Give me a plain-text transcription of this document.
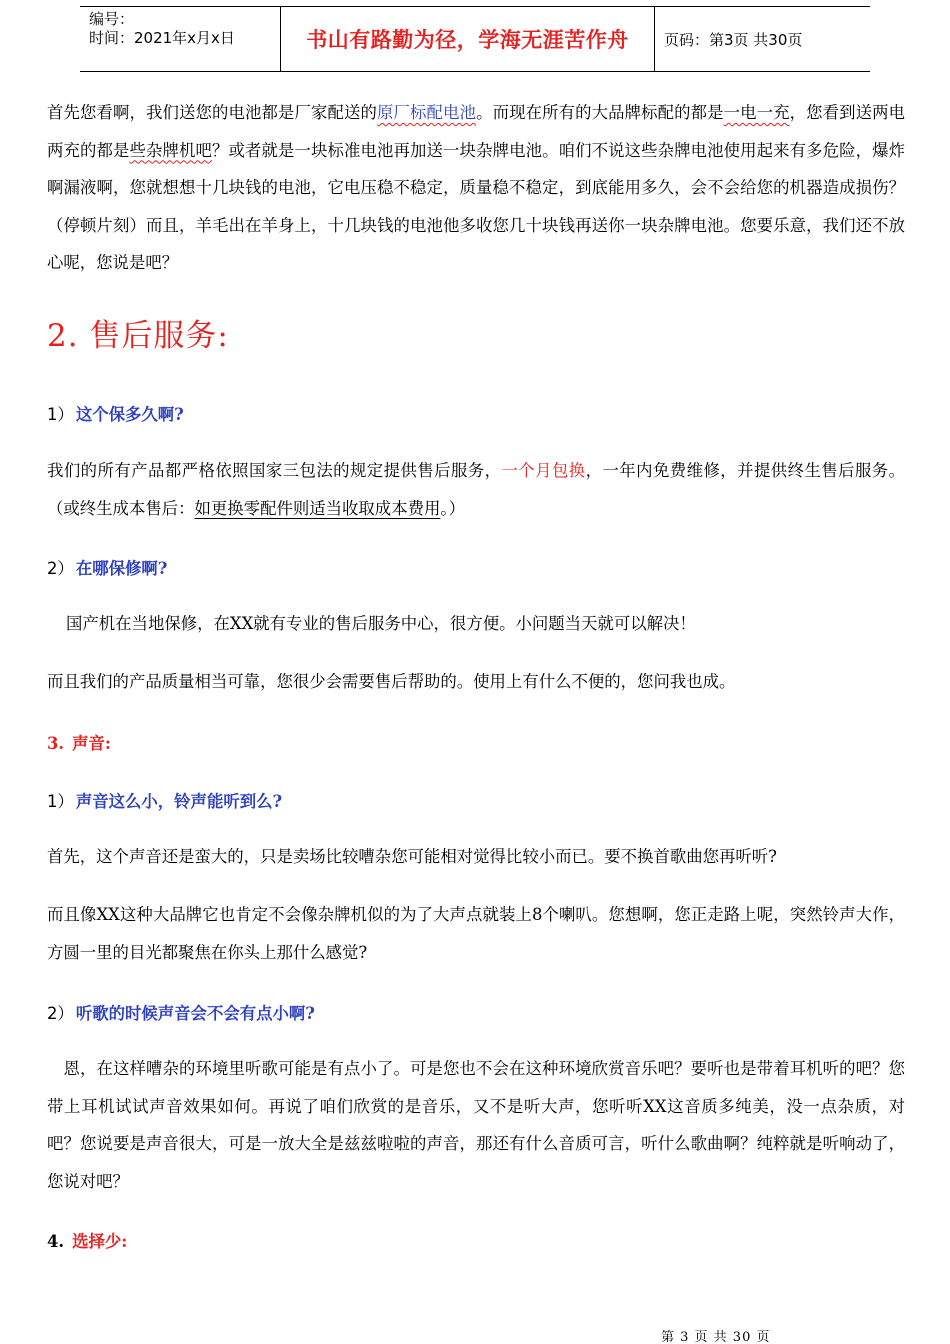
编号：
时间：2021年x月x日	书山有路勤为径，学海无涯苦作舟	页码：第3页 共30页
首先您看啊，我们送您的电池都是厂家配送的原厂标配电池。而现在所有的大品牌标配的都是一电一充，您看到送两电两充的都是些杂牌机吧？或者就是一块标准电池再加送一块杂牌电池。咱们不说这些杂牌电池使用起来有多危险，爆炸啊漏液啊，您就想想十几块钱的电池，它电压稳不稳定，质量稳不稳定，到底能用多久，会不会给您的机器造成损伤？（停顿片刻）而且，羊毛出在羊身上，十几块钱的电池他多收您几十块钱再送你一块杂牌电池。您要乐意，我们还不放心呢，您说是吧？
2. 售后服务:
1） 这个保多久啊?
我们的所有产品都严格依照国家三包法的规定提供售后服务，一个月包换，一年内免费维修，并提供终生售后服务。（或终生成本售后：如更换零配件则适当收取成本费用。）
2） 在哪保修啊?
国产机在当地保修，在XX就有专业的售后服务中心，很方便。小问题当天就可以解决！
而且我们的产品质量相当可靠，您很少会需要售后帮助的。使用上有什么不便的，您问我也成。
3. 声音:
1） 声音这么小，铃声能听到么?
首先，这个声音还是蛮大的，只是卖场比较嘈杂您可能相对觉得比较小而已。要不换首歌曲您再听听?
而且像XX这种大品牌它也肯定不会像杂牌机似的为了大声点就装上8个喇叭。您想啊，您正走路上呢，突然铃声大作，方圆一里的目光都聚焦在你头上那什么感觉?
2） 听歌的时候声音会不会有点小啊?
　恩，在这样嘈杂的环境里听歌可能是有点小了。可是您也不会在这种环境欣赏音乐吧？要听也是带着耳机听的吧？您带上耳机试试声音效果如何。再说了咱们欣赏的是音乐，又不是听大声，您听听XX这音质多纯美，没一点杂质，对吧？您说要是声音很大，可是一放大全是兹兹啦啦的声音，那还有什么音质可言，听什么歌曲啊？纯粹就是听响动了，您说对吧？
4. 选择少:
第 3 页 共 30 页
